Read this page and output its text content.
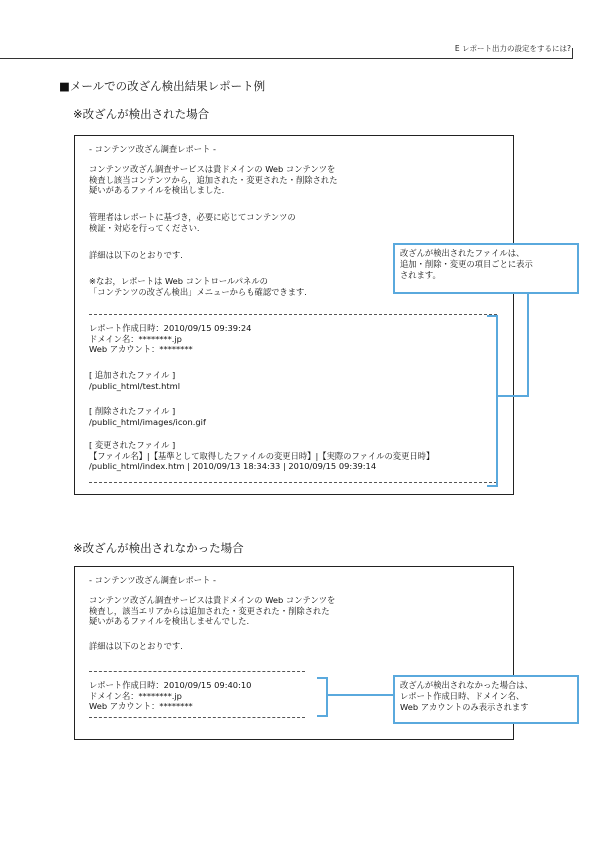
E レポート出力の設定をするには?
■メールでの改ざん検出結果レポート例
※改ざんが検出された場合
- コンテンツ改ざん調査レポート -
コンテンツ改ざん調査サービスは貴ドメインの Web コンテンツを
検査し該当コンテンツから，追加された・変更された・削除された
疑いがあるファイルを検出しました.
管理者はレポートに基づき，必要に応じてコンテンツの
検証・対応を行ってください.
詳細は以下のとおりです.
※なお，レポートは Web コントロールパネルの
「コンテンツの改ざん検出」メニューからも確認できます.
レポート作成日時：2010/09/15 09:39:24
ドメイン名：********.jp
Web アカウント：********
[ 追加されたファイル ]
/public_html/test.html
[ 削除されたファイル ]
/public_html/images/icon.gif
[ 変更されたファイル ]
【ファイル名】|【基準として取得したファイルの変更日時】|【実際のファイルの変更日時】
/public_html/index.htm | 2010/09/13 18:34:33 | 2010/09/15 09:39:14
改ざんが検出されたファイルは、
追加・削除・変更の項目ごとに表示
されます。
※改ざんが検出されなかった場合
- コンテンツ改ざん調査レポート -
コンテンツ改ざん調査サービスは貴ドメインの Web コンテンツを
検査し，該当エリアからは追加された・変更された・削除された
疑いがあるファイルを検出しませんでした.
詳細は以下のとおりです.
レポート作成日時：2010/09/15 09:40:10
ドメイン名：********.jp
Web アカウント：********
改ざんが検出されなかった場合は、
レポート作成日時、ドメイン名、
Web アカウントのみ表示されます
